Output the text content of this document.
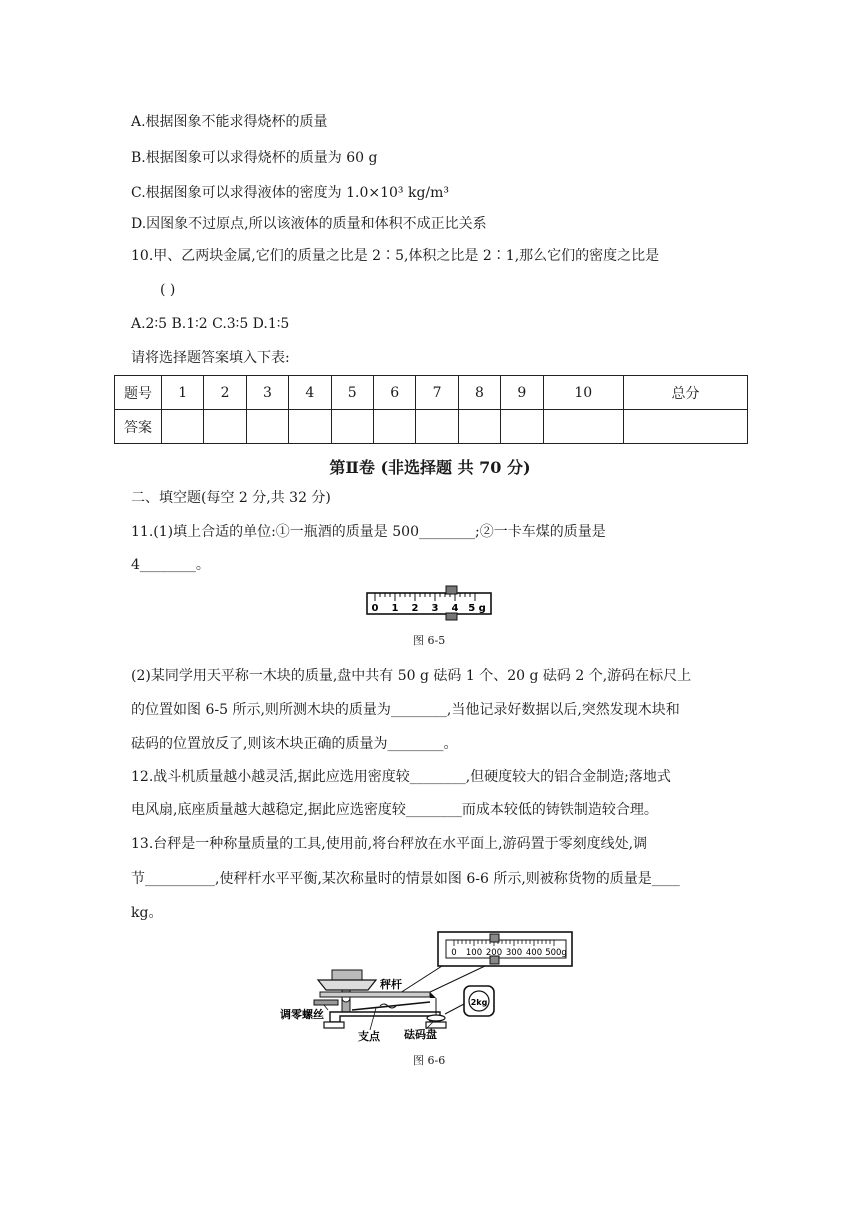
A.根据图象不能求得烧杯的质量
B.根据图象可以求得烧杯的质量为 60 g
C.根据图象可以求得液体的密度为 1.0×10³ kg/m³
D.因图象不过原点,所以该液体的质量和体积不成正比关系
10.甲、乙两块金属,它们的质量之比是 2∶5,体积之比是 2∶1,那么它们的密度之比是
( )
A.2∶5 B.1∶2 C.3∶5 D.1∶5
请将选择题答案填入下表:
题号	1	2	3	4	5	6	7	8	9	10	总分
答案											
第Ⅱ卷 (非选择题 共 70 分)
二、填空题(每空 2 分,共 32 分)
11.(1)填上合适的单位:①一瓶酒的质量是 500________;②一卡车煤的质量是
4________。
0 1 2 3 4 5 g
图 6-5
(2)某同学用天平称一木块的质量,盘中共有 50 g 砝码 1 个、20 g 砝码 2 个,游码在标尺上
的位置如图 6-5 所示,则所测木块的质量为________,当他记录好数据以后,突然发现木块和
砝码的位置放反了,则该木块正确的质量为________。
12.战斗机质量越小越灵活,据此应选用密度较________,但硬度较大的铝合金制造;落地式
电风扇,底座质量越大越稳定,据此应选密度较________而成本较低的铸铁制造较合理。
13.台秤是一种称量质量的工具,使用前,将台秤放在水平面上,游码置于零刻度线处,调
节__________,使秤杆水平平衡,某次称量时的情景如图 6-6 所示,则被称货物的质量是____
kg。
0 100 200 300 400 500g
2kg
秤杆
调零螺丝
支点 砝码盘
图 6-6
